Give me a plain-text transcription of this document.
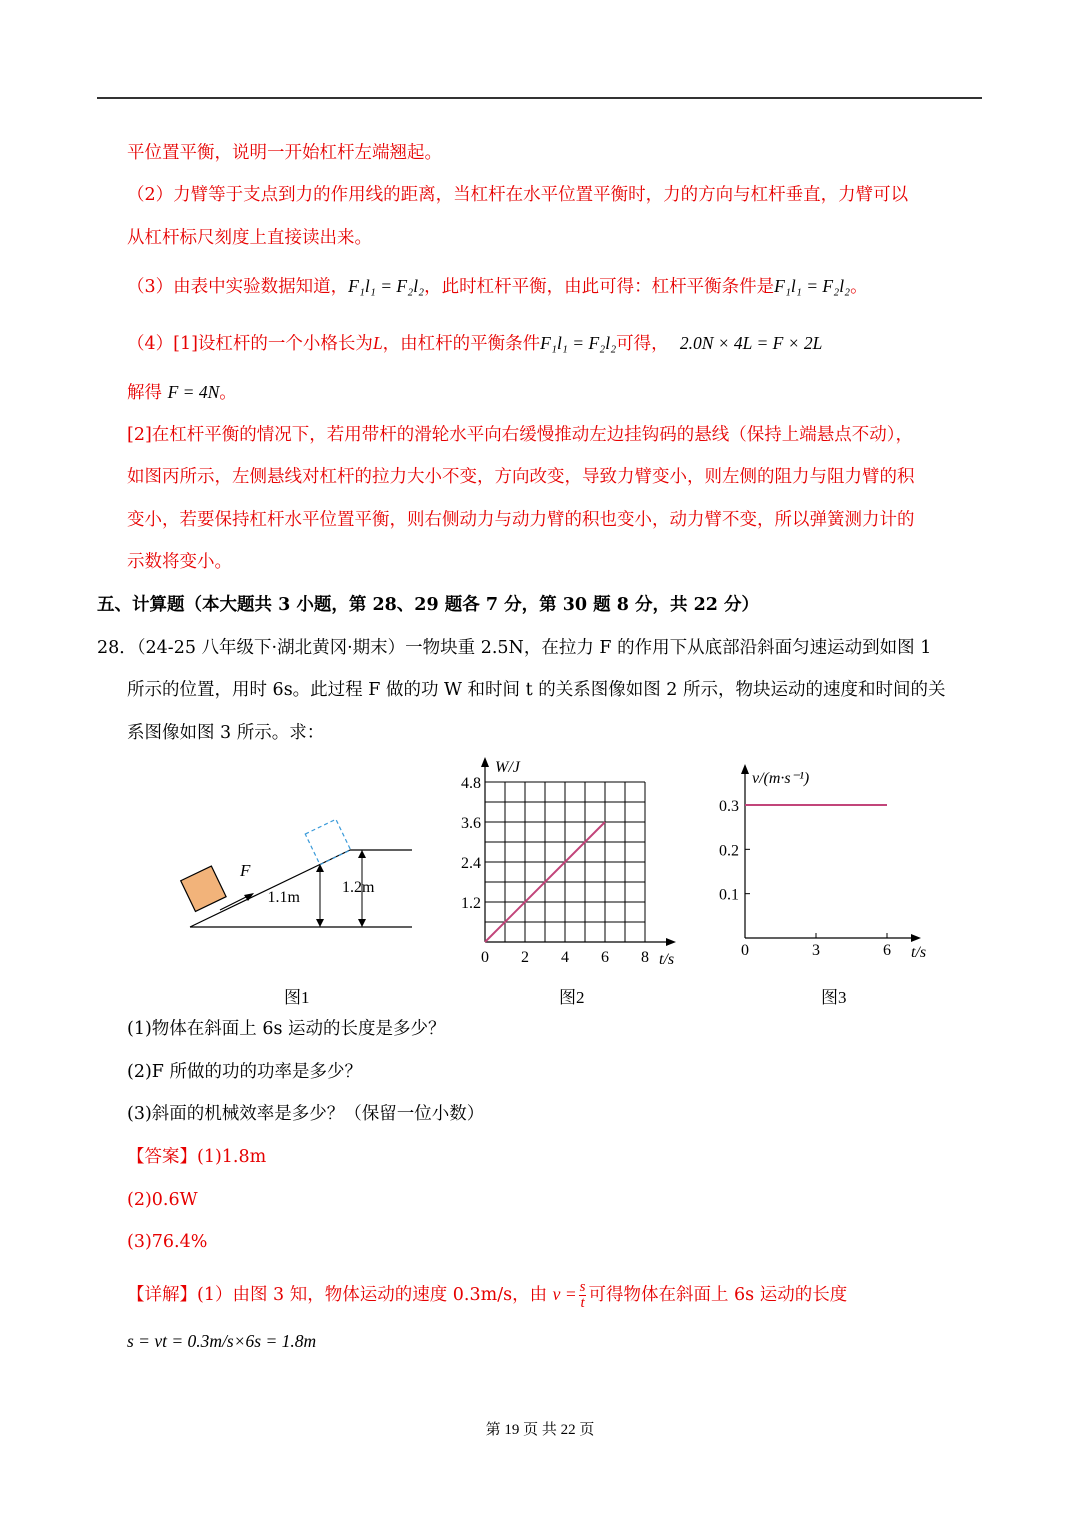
平位置平衡，说明一开始杠杆左端翘起。
（2）力臂等于支点到力的作用线的距离，当杠杆在水平位置平衡时，力的方向与杠杆垂直，力臂可以
从杠杆标尺刻度上直接读出来。
（3）由表中实验数据知道，F₁l₁ = F₂l₂，此时杠杆平衡，由此可得：杠杆平衡条件是F₁l₁ = F₂l₂。
（4）[1]设杠杆的一个小格长为L，由杠杆的平衡条件F₁l₁ = F₂l₂可得， 2.0N × 4L = F × 2L
解得 F = 4N。
[2]在杠杆平衡的情况下，若用带杆的滑轮水平向右缓慢推动左边挂钩码的悬线（保持上端悬点不动），
如图丙所示，左侧悬线对杠杆的拉力大小不变，方向改变，导致力臂变小，则左侧的阻力与阻力臂的积
变小，若要保持杠杆水平位置平衡，则右侧动力与动力臂的积也变小，动力臂不变，所以弹簧测力计的
示数将变小。
五、计算题（本大题共 3 小题，第 28、29 题各 7 分，第 30 题 8 分，共 22 分）
28．（24-25 八年级下·湖北黄冈·期末）一物块重 2.5N，在拉力 F 的作用下从底部沿斜面匀速运动到如图 1
所示的位置，用时 6s。此过程 F 做的功 W 和时间 t 的关系图像如图 2 所示，物块运动的速度和时间的关
系图像如图 3 所示。求：
F
1.1m
1.2m
图1
W/J
t/s
4.8
3.6
2.4
1.2
0 2 4 6 8
图2
v/(m·s⁻¹)
t/s
0.3
0.2
0.1
0	3	6
图3
(1)物体在斜面上 6s 运动的长度是多少？
(2)F 所做的功的功率是多少？
(3)斜面的机械效率是多少？（保留一位小数）
【答案】(1)1.8m
(2)0.6W
(3)76.4%
【详解】(1）由图 3 知，物体运动的速度 0.3m/s，由 $v = \frac{s}{t}$ 可得物体在斜面上 6s 运动的长度
s = vt = 0.3m/s×6s = 1.8m
第 19 页 共 22 页
